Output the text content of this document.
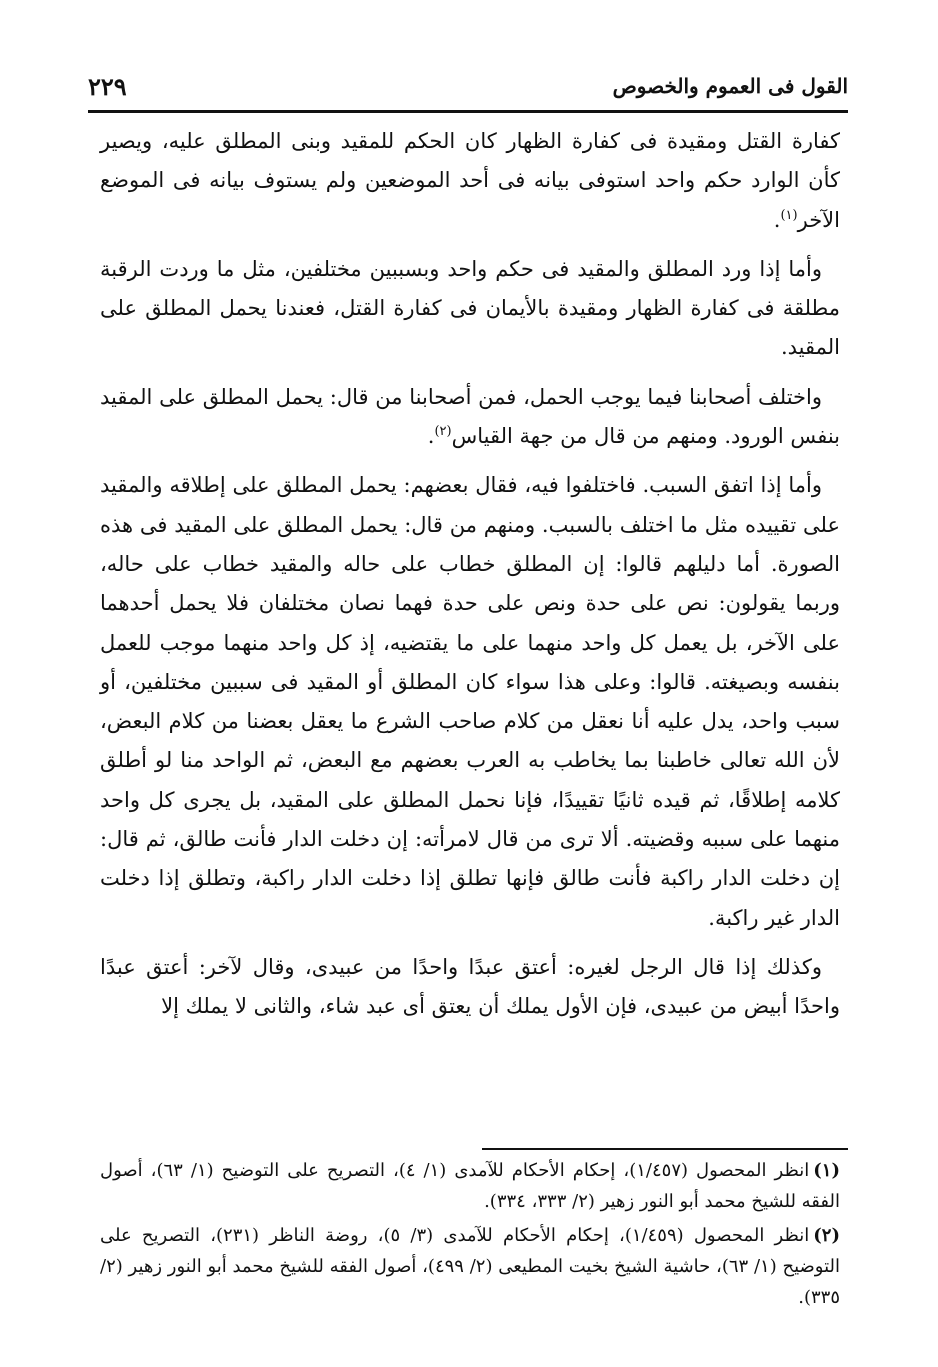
القول فى العموم والخصوص
٢٢٩

كفارة القتل ومقيدة فى كفارة الظهار كان الحكم للمقيد وبنى المطلق عليه، ويصير كأن الوارد حكم واحد استوفى بيانه فى أحد الموضعين ولم يستوف بيانه فى الموضع الآخر$^{(١)}$.

وأما إذا ورد المطلق والمقيد فى حكم واحد وبسببين مختلفين، مثل ما وردت الرقبة مطلقة فى كفارة الظهار ومقيدة بالأيمان فى كفارة القتل، فعندنا يحمل المطلق على المقيد.

واختلف أصحابنا فيما يوجب الحمل، فمن أصحابنا من قال: يحمل المطلق على المقيد بنفس الورود. ومنهم من قال من جهة القياس$^{(٢)}$.

وأما إذا اتفق السبب. فاختلفوا فيه، فقال بعضهم: يحمل المطلق على إطلاقه والمقيد على تقييده مثل ما اختلف بالسبب. ومنهم من قال: يحمل المطلق على المقيد فى هذه الصورة. أما دليلهم قالوا: إن المطلق خطاب على حاله والمقيد خطاب على حاله، وربما يقولون: نص على حدة ونص على حدة فهما نصان مختلفان فلا يحمل أحدهما على الآخر، بل يعمل كل واحد منهما على ما يقتضيه، إذ كل واحد منهما موجب للعمل بنفسه وبصيغته. قالوا: وعلى هذا سواء كان المطلق أو المقيد فى سببين مختلفين، أو سبب واحد، يدل عليه أنا نعقل من كلام صاحب الشرع ما يعقل بعضنا من كلام البعض، لأن الله تعالى خاطبنا بما يخاطب به العرب بعضهم مع البعض، ثم الواحد منا لو أطلق كلامه إطلاقًا، ثم قيده ثانيًا تقييدًا، فإنا نحمل المطلق على المقيد، بل يجرى كل واحد منهما على سببه وقضيته. ألا ترى من قال لامرأته: إن دخلت الدار فأنت طالق، ثم قال: إن دخلت الدار راكبة فأنت طالق فإنها تطلق إذا دخلت الدار راكبة، وتطلق إذا دخلت الدار غير راكبة.

وكذلك إذا قال الرجل لغيره: أعتق عبدًا واحدًا من عبيدى، وقال لآخر: أعتق عبدًا واحدًا أبيض من عبيدى، فإن الأول يملك أن يعتق أى عبد شاء، والثانى لا يملك إلا

(١)انظر المحصول (١/٤٥٧)، إحكام الأحكام للآمدى (١/ ٤)، التصريح على التوضيح (١/ ٦٣)، أصول الفقه للشيخ محمد أبو النور زهير (٢/ ٣٣٣، ٣٣٤).

(٢)انظر المحصول (١/٤٥٩)، إحكام الأحكام للآمدى (٣/ ٥)، روضة الناظر (٢٣١)، التصريح على التوضيح (١/ ٦٣)، حاشية الشيخ بخيت المطيعى (٢/ ٤٩٩)، أصول الفقه للشيخ محمد أبو النور زهير (٢/ ٣٣٥).
